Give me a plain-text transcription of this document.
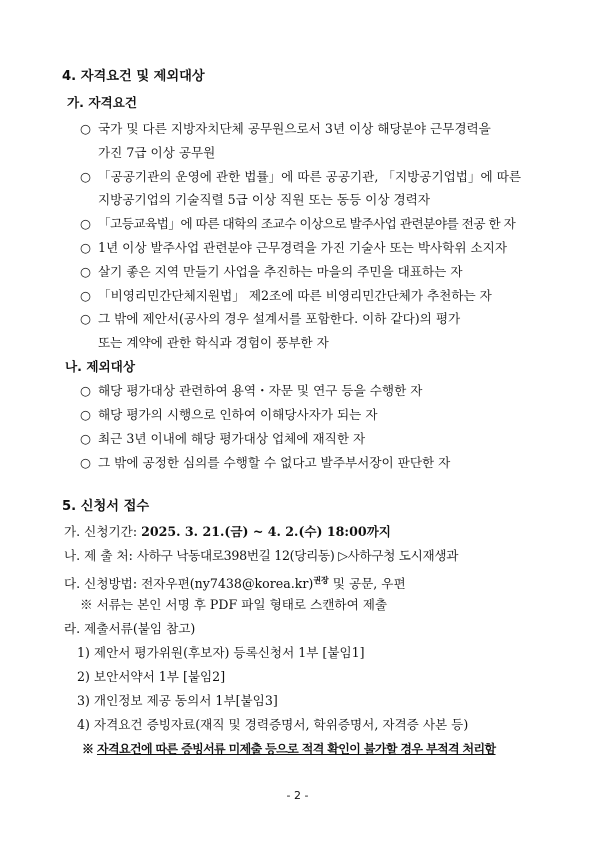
4. 자격요건 및 제외대상
가. 자격요건
○ 국가 및 다른 지방자치단체 공무원으로서 3년 이상 해당분야 근무경력을
가진 7급 이상 공무원
○ 「공공기관의 운영에 관한 법률」에 따른 공공기관, 「지방공기업법」에 따른
지방공기업의 기술직렬 5급 이상 직원 또는 동등 이상 경력자
○ 「고등교육법」에 따른 대학의 조교수 이상으로 발주사업 관련분야를 전공 한 자
○ 1년 이상 발주사업 관련분야 근무경력을 가진 기술사 또는 박사학위 소지자
○ 살기 좋은 지역 만들기 사업을 추진하는 마을의 주민을 대표하는 자
○ 「비영리민간단체지원법」 제2조에 따른 비영리민간단체가 추천하는 자
○ 그 밖에 제안서(공사의 경우 설계서를 포함한다. 이하 같다)의 평가
또는 계약에 관한 학식과 경험이 풍부한 자
나. 제외대상
○ 해당 평가대상 관련하여 용역・자문 및 연구 등을 수행한 자
○ 해당 평가의 시행으로 인하여 이해당사자가 되는 자
○ 최근 3년 이내에 해당 평가대상 업체에 재직한 자
○ 그 밖에 공정한 심의를 수행할 수 없다고 발주부서장이 판단한 자
5. 신청서 접수
가. 신청기간: 2025. 3. 21.(금) ~ 4. 2.(수) 18:00까지
나. 제 출 처: 사하구 낙동대로398번길 12(당리동) ▷사하구청 도시재생과
다. 신청방법: 전자우편(ny7438@korea.kr)$^{권장}$ 및 공문, 우편
※ 서류는 본인 서명 후 PDF 파일 형태로 스캔하여 제출
라. 제출서류(붙임 참고)
1) 제안서 평가위원(후보자) 등록신청서 1부 [붙임1]
2) 보안서약서 1부 [붙임2]
3) 개인정보 제공 동의서 1부[붙임3]
4) 자격요건 증빙자료(재직 및 경력증명서, 학위증명서, 자격증 사본 등)
※ 자격요건에 따른 증빙서류 미제출 등으로 적격 확인이 불가할 경우 부적격 처리함
- 2 -
